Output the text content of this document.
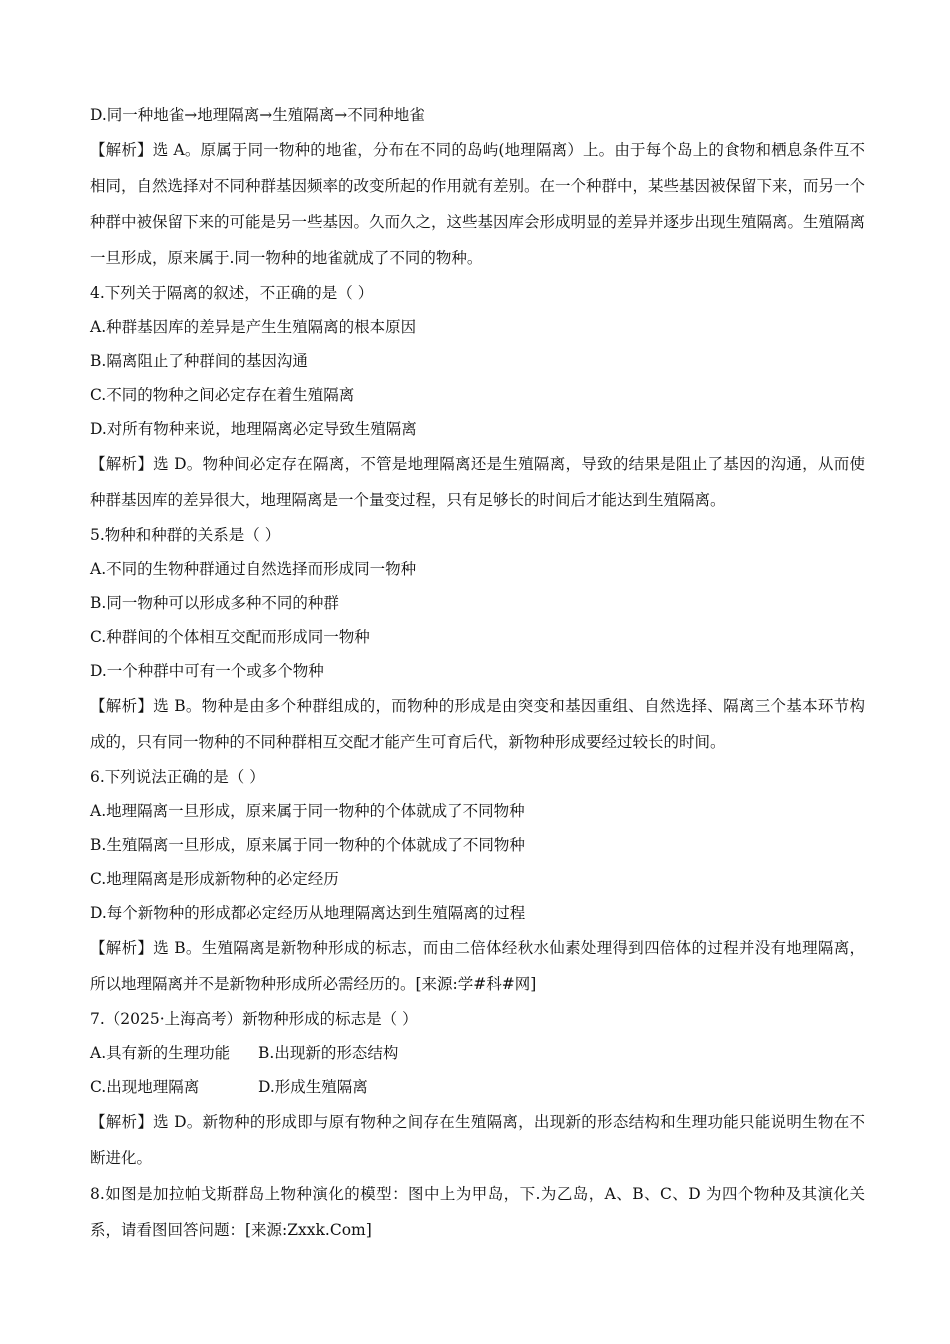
D.同一种地雀→地理隔离→生殖隔离→不同种地雀

【解析】选 A。原属于同一物种的地雀，分布在不同的岛屿(地理隔离）上。由于每个岛上的食物和栖息条件互不相同，自然选择对不同种群基因频率的改变所起的作用就有差别。在一个种群中，某些基因被保留下来，而另一个种群中被保留下来的可能是另一些基因。久而久之，这些基因库会形成明显的差异并逐步出现生殖隔离。生殖隔离一旦形成，原来属于.同一物种的地雀就成了不同的物种。

4.下列关于隔离的叙述，不正确的是（ ）

A.种群基因库的差异是产生生殖隔离的根本原因

B.隔离阻止了种群间的基因沟通

C.不同的物种之间必定存在着生殖隔离

D.对所有物种来说，地理隔离必定导致生殖隔离

【解析】选 D。物种间必定存在隔离，不管是地理隔离还是生殖隔离，导致的结果是阻止了基因的沟通，从而使种群基因库的差异很大，地理隔离是一个量变过程，只有足够长的时间后才能达到生殖隔离。

5.物种和种群的关系是（ ）

A.不同的生物种群通过自然选择而形成同一物种

B.同一物种可以形成多种不同的种群

C.种群间的个体相互交配而形成同一物种

D.一个种群中可有一个或多个物种

【解析】选 B。物种是由多个种群组成的，而物种的形成是由突变和基因重组、自然选择、隔离三个基本环节构成的，只有同一物种的不同种群相互交配才能产生可育后代，新物种形成要经过较长的时间。

6.下列说法正确的是（ ）

A.地理隔离一旦形成，原来属于同一物种的个体就成了不同物种

B.生殖隔离一旦形成，原来属于同一物种的个体就成了不同物种

C.地理隔离是形成新物种的必定经历

D.每个新物种的形成都必定经历从地理隔离达到生殖隔离的过程

【解析】选 B。生殖隔离是新物种形成的标志，而由二倍体经秋水仙素处理得到四倍体的过程并没有地理隔离，所以地理隔离并不是新物种形成所必需经历的。[来源:学#科#网]

7.（2025·上海高考）新物种形成的标志是（ ）

A.具有新的生理功能 B.出现新的形态结构

C.出现地理隔离	D.形成生殖隔离

【解析】选 D。新物种的形成即与原有物种之间存在生殖隔离，出现新的形态结构和生理功能只能说明生物在不断进化。

8.如图是加拉帕戈斯群岛上物种演化的模型：图中上为甲岛，下.为乙岛，A、B、C、D 为四个物种及其演化关系，请看图回答问题：[来源:Zxxk.Com]
